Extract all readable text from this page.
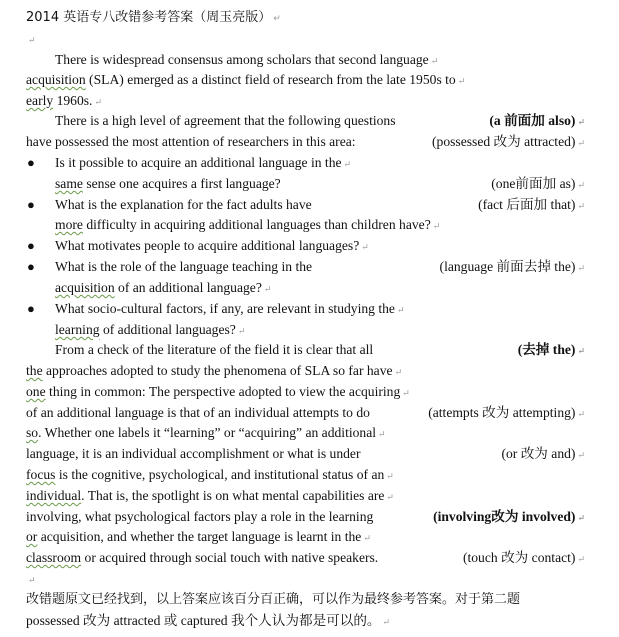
2014 英语专八改错参考答案（周玉亮版） ↵
↵
There is widespread consensus among scholars that second language ↵
acquisition (SLA) emerged as a distinct field of research from the late 1950s to ↵
early 1960s. ↵
There is a high level of agreement that the following questions	(a 前面加 also) ↵
have possessed the most attention of researchers in this area:	(possessed 改为 attracted) ↵
● Is it possible to acquire an additional language in the ↵
same sense one acquires a first language?	(one前面加 as) ↵
● What is the explanation for the fact adults have	(fact 后面加 that) ↵
more difficulty in acquiring additional languages than children have? ↵
● What motivates people to acquire additional languages? ↵
● What is the role of the language teaching in the	(language 前面去掉 the) ↵
acquisition of an additional language? ↵
● What socio-cultural factors, if any, are relevant in studying the ↵
learning of additional languages? ↵
From a check of the literature of the field it is clear that all	(去掉 the) ↵
the approaches adopted to study the phenomena of SLA so far have ↵
one thing in common: The perspective adopted to view the acquiring ↵
of an additional language is that of an individual attempts to do	(attempts 改为 attempting) ↵
so. Whether one labels it “learning” or “acquiring” an additional ↵
language, it is an individual accomplishment or what is under	(or 改为 and) ↵
focus is the cognitive, psychological, and institutional status of an ↵
individual. That is, the spotlight is on what mental capabilities are ↵
involving, what psychological factors play a role in the learning	(involving改为 involved) ↵
or acquisition, and whether the target language is learnt in the ↵
classroom or acquired through social touch with native speakers.	(touch 改为 contact) ↵
↵
改错题原文已经找到，以上答案应该百分百正确，可以作为最终参考答案。对于第二题
possessed 改为 attracted 或 captured 我个人认为都是可以的。 ↵
